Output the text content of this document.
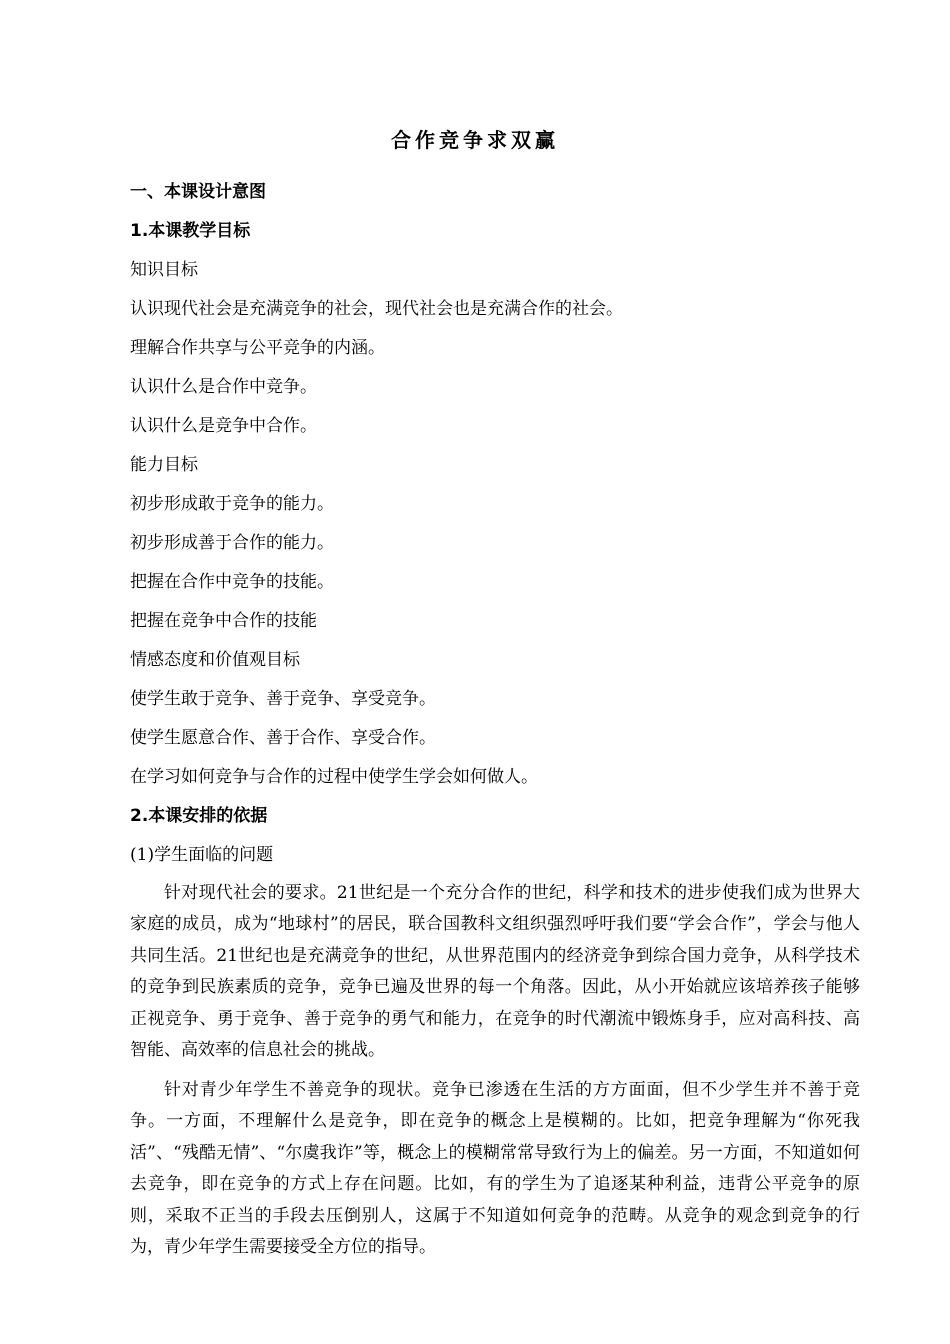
合作竞争求双赢

一、本课设计意图

1.本课教学目标

知识目标

认识现代社会是充满竞争的社会，现代社会也是充满合作的社会。

理解合作共享与公平竞争的内涵。

认识什么是合作中竞争。

认识什么是竞争中合作。

能力目标

初步形成敢于竞争的能力。

初步形成善于合作的能力。

把握在合作中竞争的技能。

把握在竞争中合作的技能

情感态度和价值观目标

使学生敢于竞争、善于竞争、享受竞争。

使学生愿意合作、善于合作、享受合作。

在学习如何竞争与合作的过程中使学生学会如何做人。

2.本课安排的依据

(1)学生面临的问题

针对现代社会的要求。21世纪是一个充分合作的世纪，科学和技术的进步使我们成为世界大家庭的成员，成为“地球村”的居民，联合国教科文组织强烈呼吁我们要“学会合作”，学会与他人共同生活。21世纪也是充满竞争的世纪，从世界范围内的经济竞争到综合国力竞争，从科学技术的竞争到民族素质的竞争，竞争已遍及世界的每一个角落。因此，从小开始就应该培养孩子能够正视竞争、勇于竞争、善于竞争的勇气和能力，在竞争的时代潮流中锻炼身手，应对高科技、高智能、高效率的信息社会的挑战。

针对青少年学生不善竞争的现状。竞争已渗透在生活的方方面面，但不少学生并不善于竞争。一方面，不理解什么是竞争，即在竞争的概念上是模糊的。比如，把竞争理解为“你死我活”、“残酷无情”、“尔虞我诈”等，概念上的模糊常常导致行为上的偏差。另一方面，不知道如何去竞争，即在竞争的方式上存在问题。比如，有的学生为了追逐某种利益，违背公平竞争的原则，采取不正当的手段去压倒别人，这属于不知道如何竞争的范畴。从竞争的观念到竞争的行为，青少年学生需要接受全方位的指导。
